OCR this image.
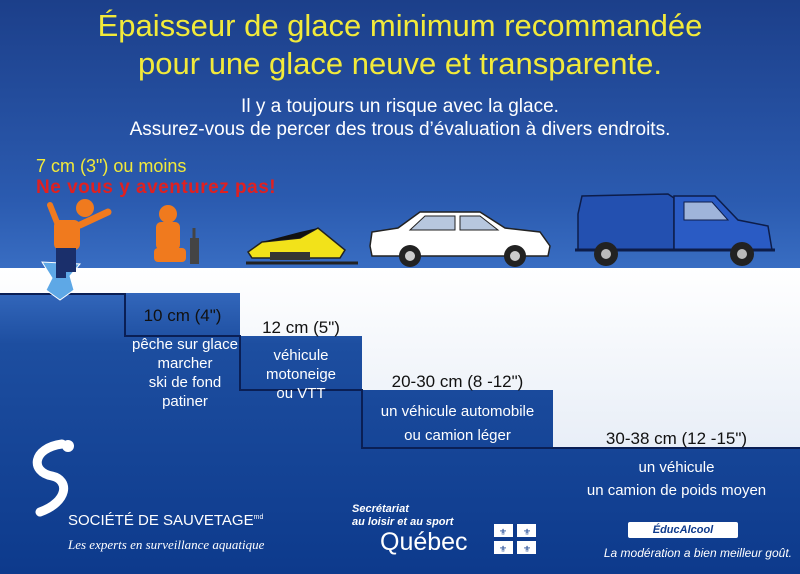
Épaisseur de glace minimum recommandée
pour une glace neuve et transparente.
Il y a toujours un risque avec la glace.
Assurez-vous de percer des trous d’évaluation à divers endroits.
7 cm (3") ou moins
Ne vous y aventurez pas!
10 cm (4")
pêche sur glace
marcher
ski de fond
patiner
12 cm (5")
véhicule
motoneige
ou VTT
20-30 cm (8 -12")
un véhicule automobile
ou camion léger	30-38 cm (12 -15")
un véhicule
un camion de poids moyen
SOCIÉTÉ DE $SAUVETAGE^{md}$
Les experts en surveillance aquatique
Secrétariat
au loisir et au sport
Québec	⚜ ⚜
⚜ ⚜
ÉducAlcool
La modération a bien meilleur goût.
